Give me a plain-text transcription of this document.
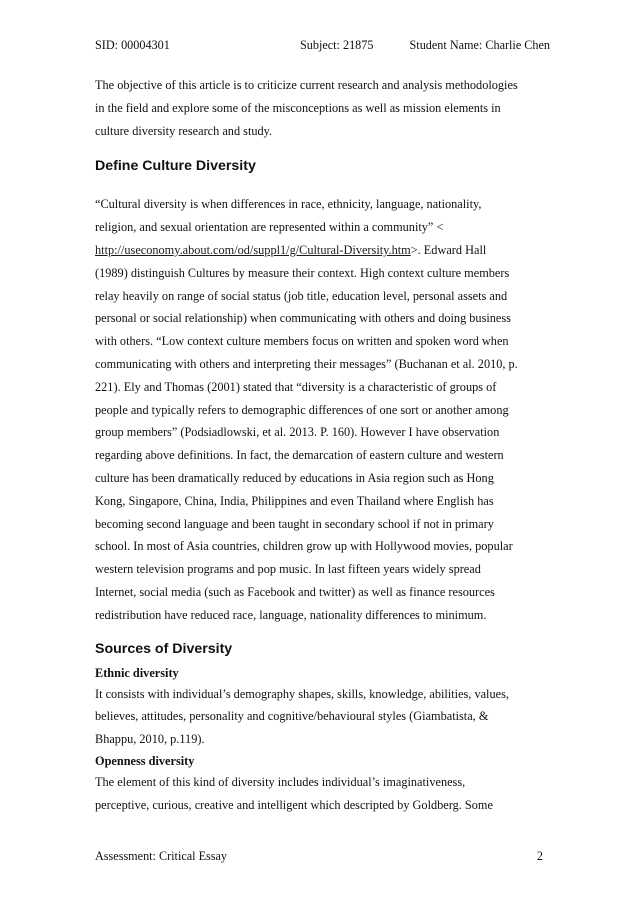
SID: 00004301	Subject: 21875	Student Name: Charlie Chen

The objective of this article is to criticize current research and analysis methodologies
in the field and explore some of the misconceptions as well as mission elements in
culture diversity research and study.

Define Culture Diversity

“Cultural diversity is when differences in race, ethnicity, language, nationality,
religion, and sexual orientation are represented within a community” <
http://useconomy.about.com/od/suppl1/g/Cultural-Diversity.htm>. Edward Hall
(1989) distinguish Cultures by measure their context. High context culture members
relay heavily on range of social status (job title, education level, personal assets and
personal or social relationship) when communicating with others and doing business
with others. “Low context culture members focus on written and spoken word when
communicating with others and interpreting their messages” (Buchanan et al. 2010, p.
221). Ely and Thomas (2001) stated that “diversity is a characteristic of groups of
people and typically refers to demographic differences of one sort or another among
group members” (Podsiadlowski, et al. 2013. P. 160). However I have observation
regarding above definitions. In fact, the demarcation of eastern culture and western
culture has been dramatically reduced by educations in Asia region such as Hong
Kong, Singapore, China, India, Philippines and even Thailand where English has
becoming second language and been taught in secondary school if not in primary
school. In most of Asia countries, children grow up with Hollywood movies, popular
western television programs and pop music. In last fifteen years widely spread
Internet, social media (such as Facebook and twitter) as well as finance resources
redistribution have reduced race, language, nationality differences to minimum.

Sources of Diversity

Ethnic diversity

It consists with individual’s demography shapes, skills, knowledge, abilities, values,
believes, attitudes, personality and cognitive/behavioural styles (Giambatista, &
Bhappu, 2010, p.119).

Openness diversity

The element of this kind of diversity includes individual’s imaginativeness,
perceptive, curious, creative and intelligent which descripted by Goldberg. Some

Assessment: Critical Essay	2
